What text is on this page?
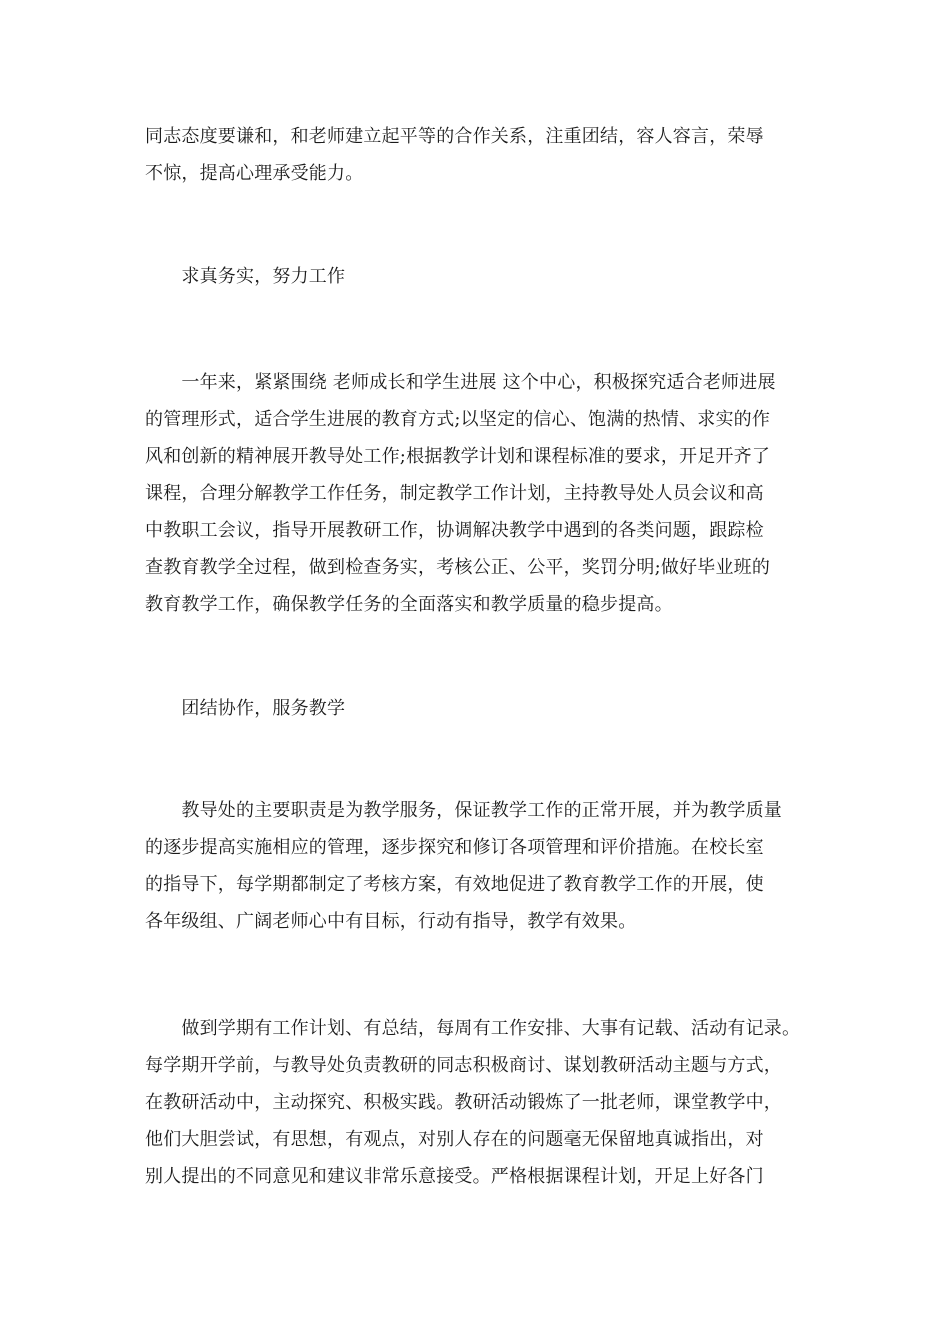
同志态度要谦和，和老师建立起平等的合作关系，注重团结，容人容言，荣辱
不惊，提高心理承受能力。
　　求真务实，努力工作
　　一年来，紧紧围绕 老师成长和学生进展 这个中心，积极探究适合老师进展
的管理形式，适合学生进展的教育方式;以坚定的信心、饱满的热情、求实的作
风和创新的精神展开教导处工作;根据教学计划和课程标准的要求，开足开齐了
课程，合理分解教学工作任务，制定教学工作计划，主持教导处人员会议和高
中教职工会议，指导开展教研工作，协调解决教学中遇到的各类问题，跟踪检
查教育教学全过程，做到检查务实，考核公正、公平，奖罚分明;做好毕业班的
教育教学工作，确保教学任务的全面落实和教学质量的稳步提高。
　　团结协作，服务教学
　　教导处的主要职责是为教学服务，保证教学工作的正常开展，并为教学质量
的逐步提高实施相应的管理，逐步探究和修订各项管理和评价措施。在校长室
的指导下，每学期都制定了考核方案，有效地促进了教育教学工作的开展，使
各年级组、广阔老师心中有目标，行动有指导，教学有效果。
　　做到学期有工作计划、有总结，每周有工作安排、大事有记载、活动有记录。
每学期开学前，与教导处负责教研的同志积极商讨、谋划教研活动主题与方式，
在教研活动中，主动探究、积极实践。教研活动锻炼了一批老师，课堂教学中，
他们大胆尝试，有思想，有观点，对别人存在的问题毫无保留地真诚指出，对
别人提出的不同意见和建议非常乐意接受。严格根据课程计划，开足上好各门
